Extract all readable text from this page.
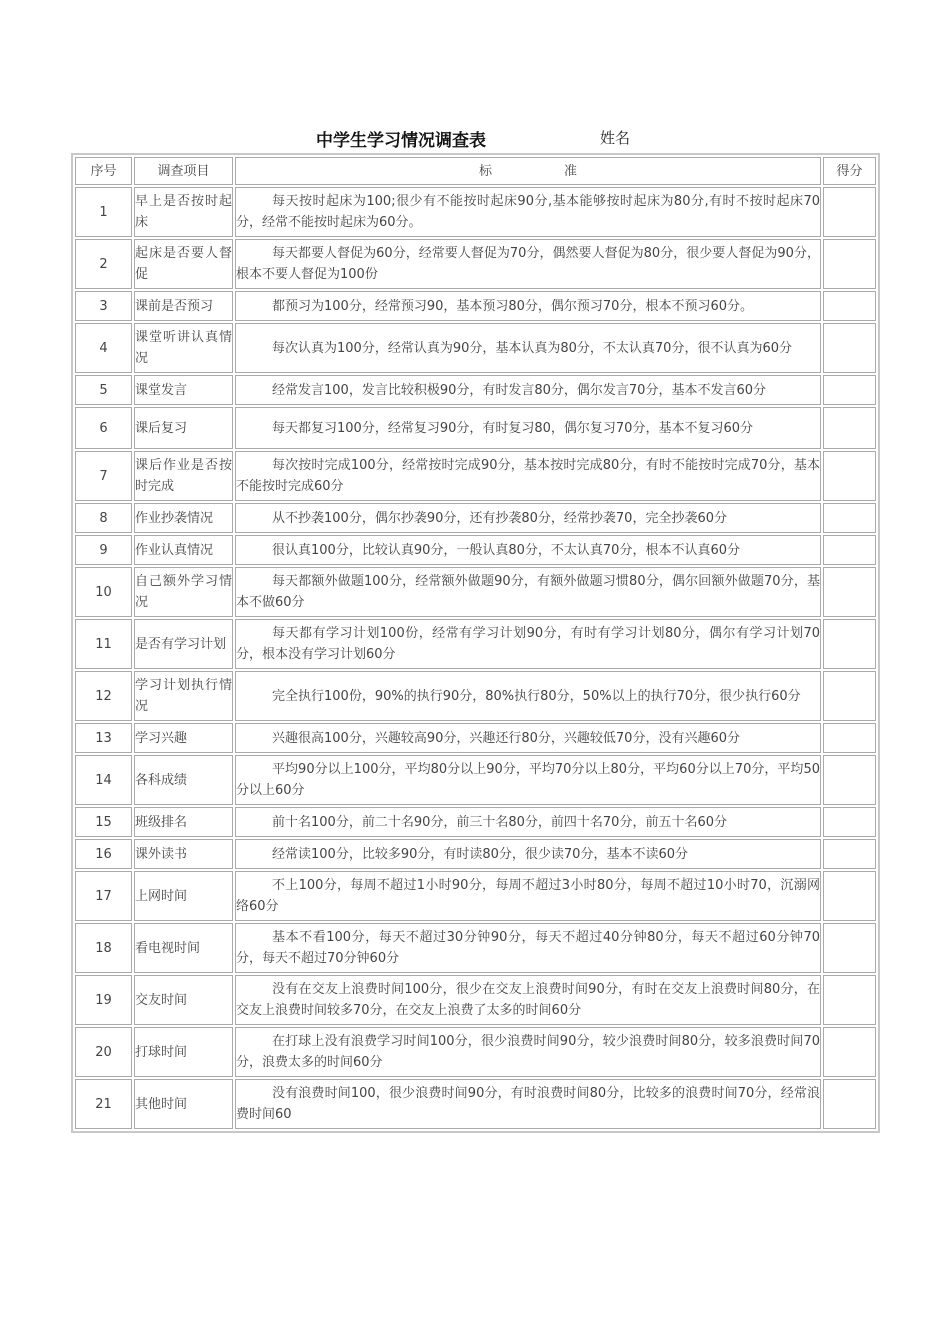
中学生学习情况调查表	姓名
序号	调查项目	标 准	得分
1	早上是否按时起床	每天按时起床为100;很少有不能按时起床90分,基本能够按时起床为80分,有时不按时起床70分，经常不能按时起床为60分。	
2	起床是否要人督促	每天都要人督促为60分，经常要人督促为70分，偶然要人督促为80分，很少要人督促为90分，根本不要人督促为100份	
3	课前是否预习	都预习为100分，经常预习90，基本预习80分，偶尔预习70分，根本不预习60分。	
4	课堂听讲认真情况	每次认真为100分，经常认真为90分，基本认真为80分，不太认真70分，很不认真为60分	
5	课堂发言	经常发言100，发言比较积极90分，有时发言80分，偶尔发言70分，基本不发言60分	
6	课后复习	每天都复习100分，经常复习90分，有时复习80，偶尔复习70分，基本不复习60分	
7	课后作业是否按时完成	每次按时完成100分，经常按时完成90分，基本按时完成80分，有时不能按时完成70分，基本不能按时完成60分	
8	作业抄袭情况	从不抄袭100分，偶尔抄袭90分，还有抄袭80分，经常抄袭70，完全抄袭60分	
9	作业认真情况	很认真100分，比较认真90分，一般认真80分，不太认真70分，根本不认真60分	
10	自己额外学习情况	每天都额外做题100分，经常额外做题90分，有额外做题习惯80分，偶尔回额外做题70分，基本不做60分	
11	是否有学习计划	每天都有学习计划100份，经常有学习计划90分，有时有学习计划80分，偶尔有学习计划70分，根本没有学习计划60分	
12	学习计划执行情况	完全执行100份，90%的执行90分，80%执行80分，50%以上的执行70分，很少执行60分	
13	学习兴趣	兴趣很高100分，兴趣较高90分，兴趣还行80分，兴趣较低70分，没有兴趣60分	
14	各科成绩	平均90分以上100分，平均80分以上90分，平均70分以上80分，平均60分以上70分，平均50分以上60分	
15	班级排名	前十名100分，前二十名90分，前三十名80分，前四十名70分，前五十名60分	
16	课外读书	经常读100分，比较多90分，有时读80分，很少读70分，基本不读60分	
17	上网时间	不上100分，每周不超过1小时90分，每周不超过3小时80分，每周不超过10小时70，沉溺网络60分	
18	看电视时间	基本不看100分，每天不超过30分钟90分，每天不超过40分钟80分，每天不超过60分钟70分，每天不超过70分钟60分	
19	交友时间	没有在交友上浪费时间100分，很少在交友上浪费时间90分，有时在交友上浪费时间80分，在交友上浪费时间较多70分，在交友上浪费了太多的时间60分	
20	打球时间	在打球上没有浪费学习时间100分，很少浪费时间90分，较少浪费时间80分，较多浪费时间70分，浪费太多的时间60分	
21	其他时间	没有浪费时间100，很少浪费时间90分，有时浪费时间80分，比较多的浪费时间70分，经常浪费时间60	
